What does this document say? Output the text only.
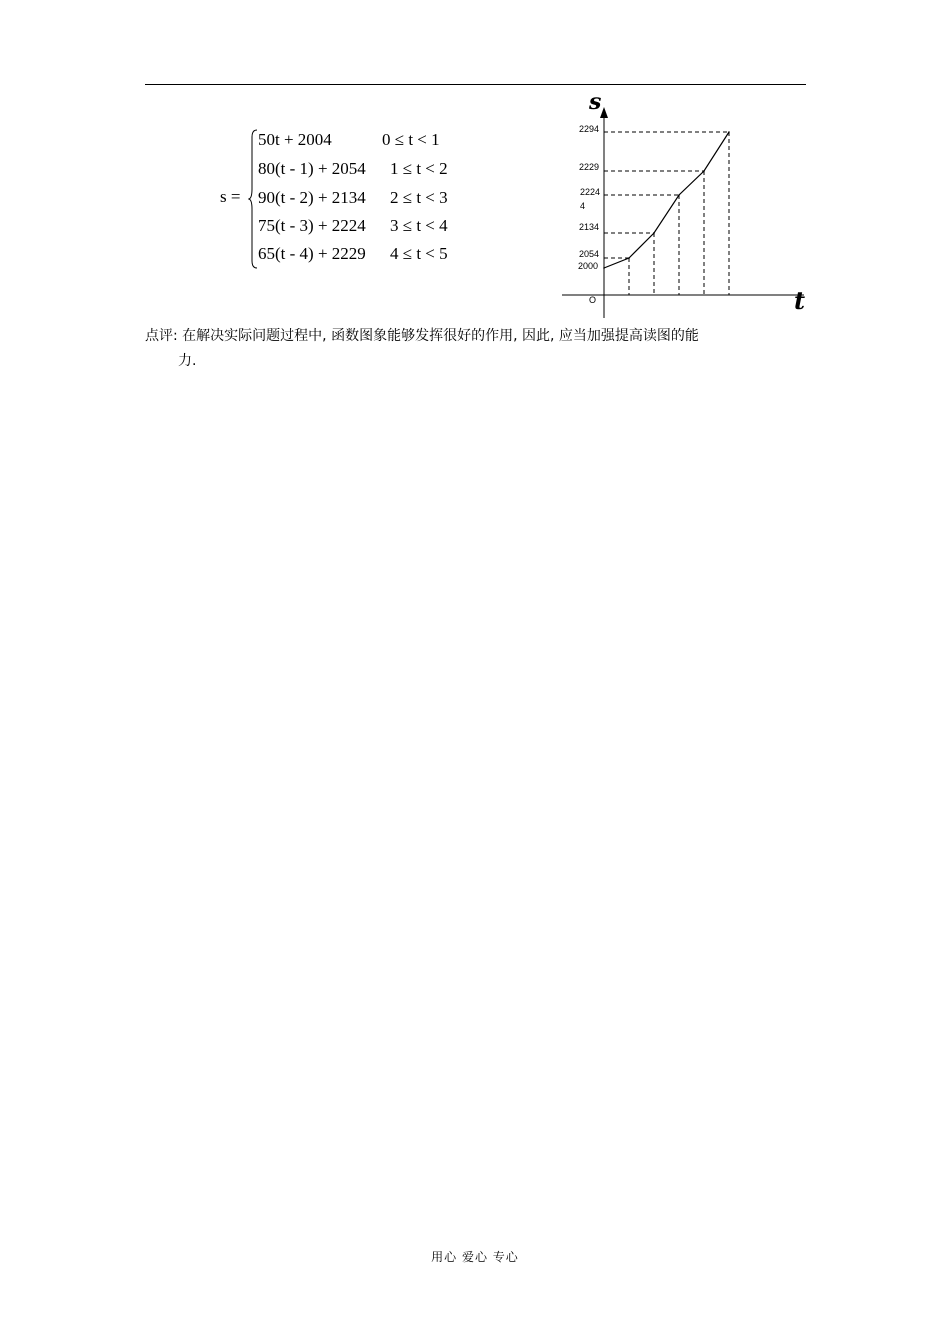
s =
50t + 2004	0 ≤ t < 1
80(t - 1) + 2054 1 ≤ t < 2
90(t - 2) + 2134 2 ≤ t < 3
75(t - 3) + 2224 3 ≤ t < 4
65(t - 4) + 2229 4 ≤ t < 5
s
t
O
2294
2229
2224
4
2134
2054
2000
点评: 在解决实际问题过程中, 函数图象能够发挥很好的作用, 因此, 应当加强提高读图的能
力.
用心 爱心 专心
